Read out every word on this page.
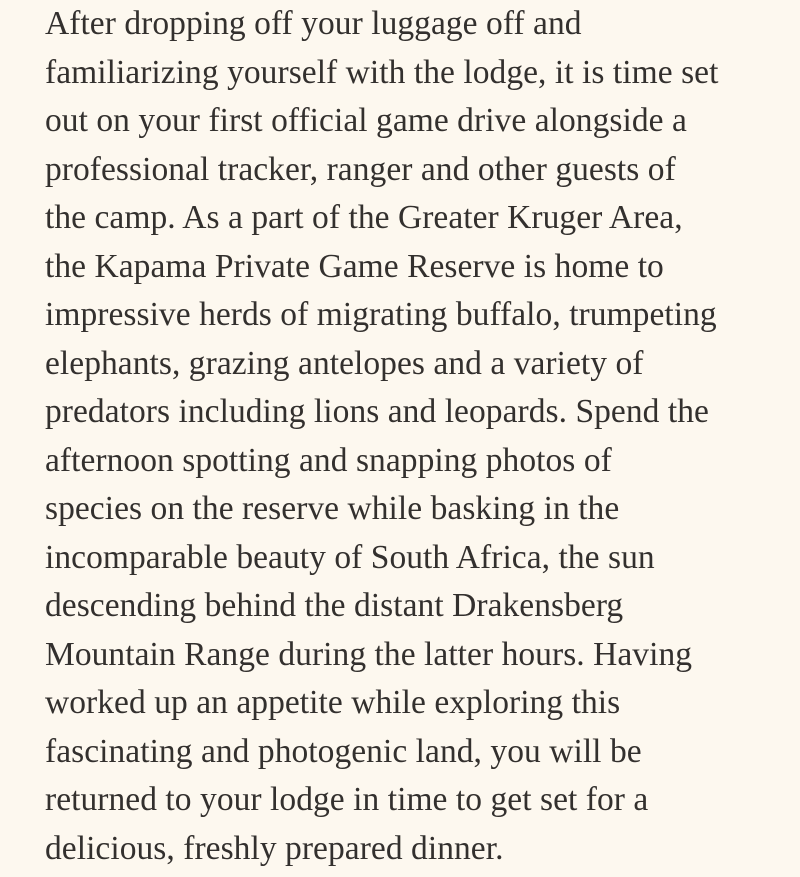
After dropping off your luggage off and
familiarizing yourself with the lodge, it is time set
out on your first official game drive alongside a
professional tracker, ranger and other guests of
the camp. As a part of the Greater Kruger Area,
the Kapama Private Game Reserve is home to
impressive herds of migrating buffalo, trumpeting
elephants, grazing antelopes and a variety of
predators including lions and leopards. Spend the
afternoon spotting and snapping photos of
species on the reserve while basking in the
incomparable beauty of South Africa, the sun
descending behind the distant Drakensberg
Mountain Range during the latter hours. Having
worked up an appetite while exploring this
fascinating and photogenic land, you will be
returned to your lodge in time to get set for a
delicious, freshly prepared dinner.
